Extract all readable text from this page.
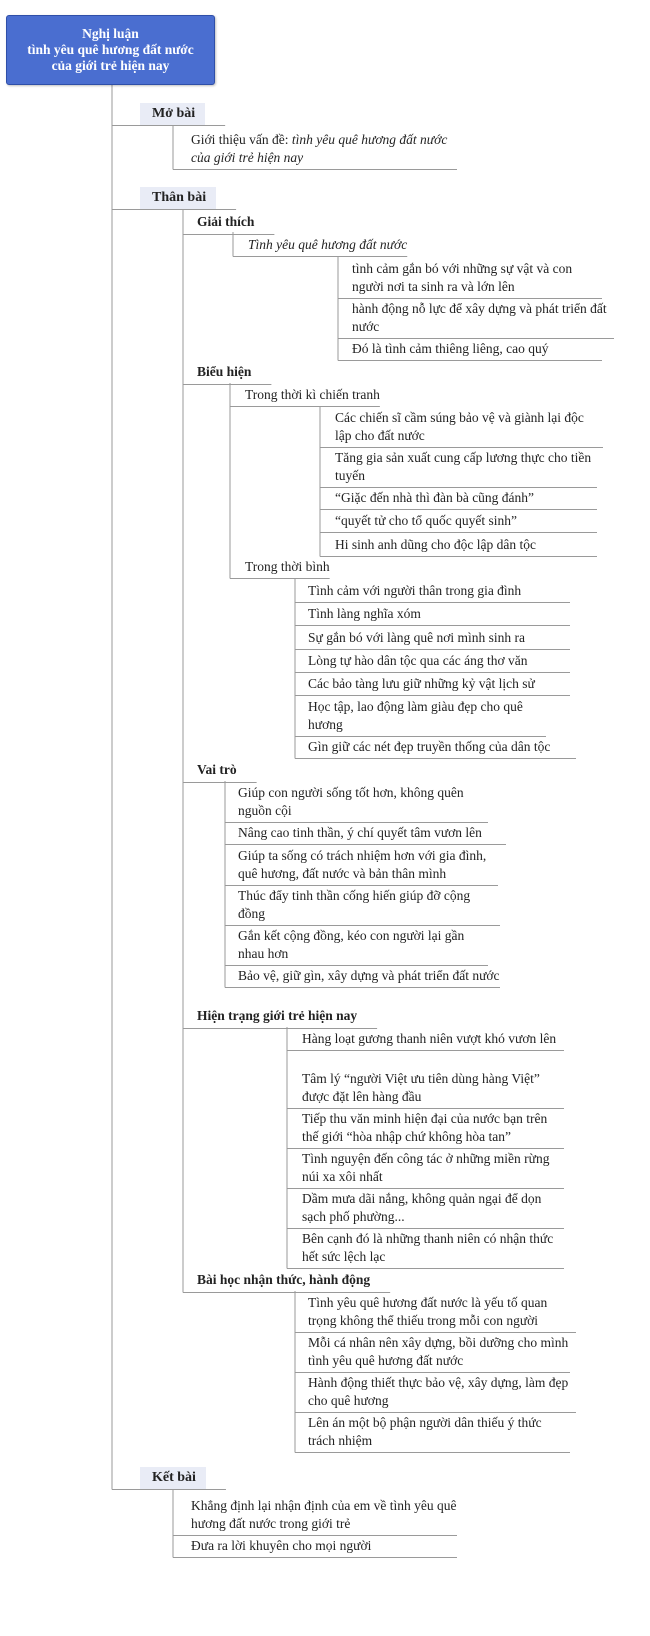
Nghị luận
tình yêu quê hương đất nước
của giới trẻ hiện nay
Mở bài
Giới thiệu vấn đề: tình yêu quê hương đất nước của giới trẻ hiện nay
Thân bài
Giải thích
Tình yêu quê hương đất nước
tình cảm gắn bó với những sự vật và con người nơi ta sinh ra và lớn lên
hành động nỗ lực để xây dựng và phát triển đất nước
Đó là tình cảm thiêng liêng, cao quý
Biểu hiện
Trong thời kì chiến tranh
Các chiến sĩ cầm súng bảo vệ và giành lại độc lập cho đất nước
Tăng gia sản xuất cung cấp lương thực cho tiền tuyến
“Giặc đến nhà thì đàn bà cũng đánh”
“quyết tử cho tổ quốc quyết sinh”
Hi sinh anh dũng cho độc lập dân tộc
Trong thời bình
Tình cảm với người thân trong gia đình
Tình làng nghĩa xóm
Sự gắn bó với làng quê nơi mình sinh ra
Lòng tự hào dân tộc qua các áng thơ văn
Các bảo tàng lưu giữ những kỷ vật lịch sử
Học tập, lao động làm giàu đẹp cho quê hương
Gìn giữ các nét đẹp truyền thống của dân tộc
Vai trò
Giúp con người sống tốt hơn, không quên nguồn cội
Nâng cao tinh thần, ý chí quyết tâm vươn lên
Giúp ta sống có trách nhiệm hơn với gia đình, quê hương, đất nước và bản thân mình
Thúc đẩy tinh thần cống hiến giúp đỡ cộng đồng
Gắn kết cộng đồng, kéo con người lại gần nhau hơn
Bảo vệ, giữ gìn, xây dựng và phát triển đất nước
Hiện trạng giới trẻ hiện nay
Hàng loạt gương thanh niên vượt khó vươn lên
Tâm lý “người Việt ưu tiên dùng hàng Việt” được đặt lên hàng đầu
Tiếp thu văn minh hiện đại của nước bạn trên thế giới “hòa nhập chứ không hòa tan”
Tình nguyện đến công tác ở những miền rừng núi xa xôi nhất
Dầm mưa dãi nắng, không quản ngại để dọn sạch phố phường...
Bên cạnh đó là những thanh niên có nhận thức hết sức lệch lạc
Bài học nhận thức, hành động
Tình yêu quê hương đất nước là yếu tố quan trọng không thể thiếu trong mỗi con người
Mỗi cá nhân nên xây dựng, bồi dưỡng cho mình tình yêu quê hương đất nước
Hành động thiết thực bảo vệ, xây dựng, làm đẹp cho quê hương
Lên án một bộ phận người dân thiếu ý thức trách nhiệm
Kết bài
Khẳng định lại nhận định của em về tình yêu quê hương đất nước trong giới trẻ
Đưa ra lời khuyên cho mọi người
